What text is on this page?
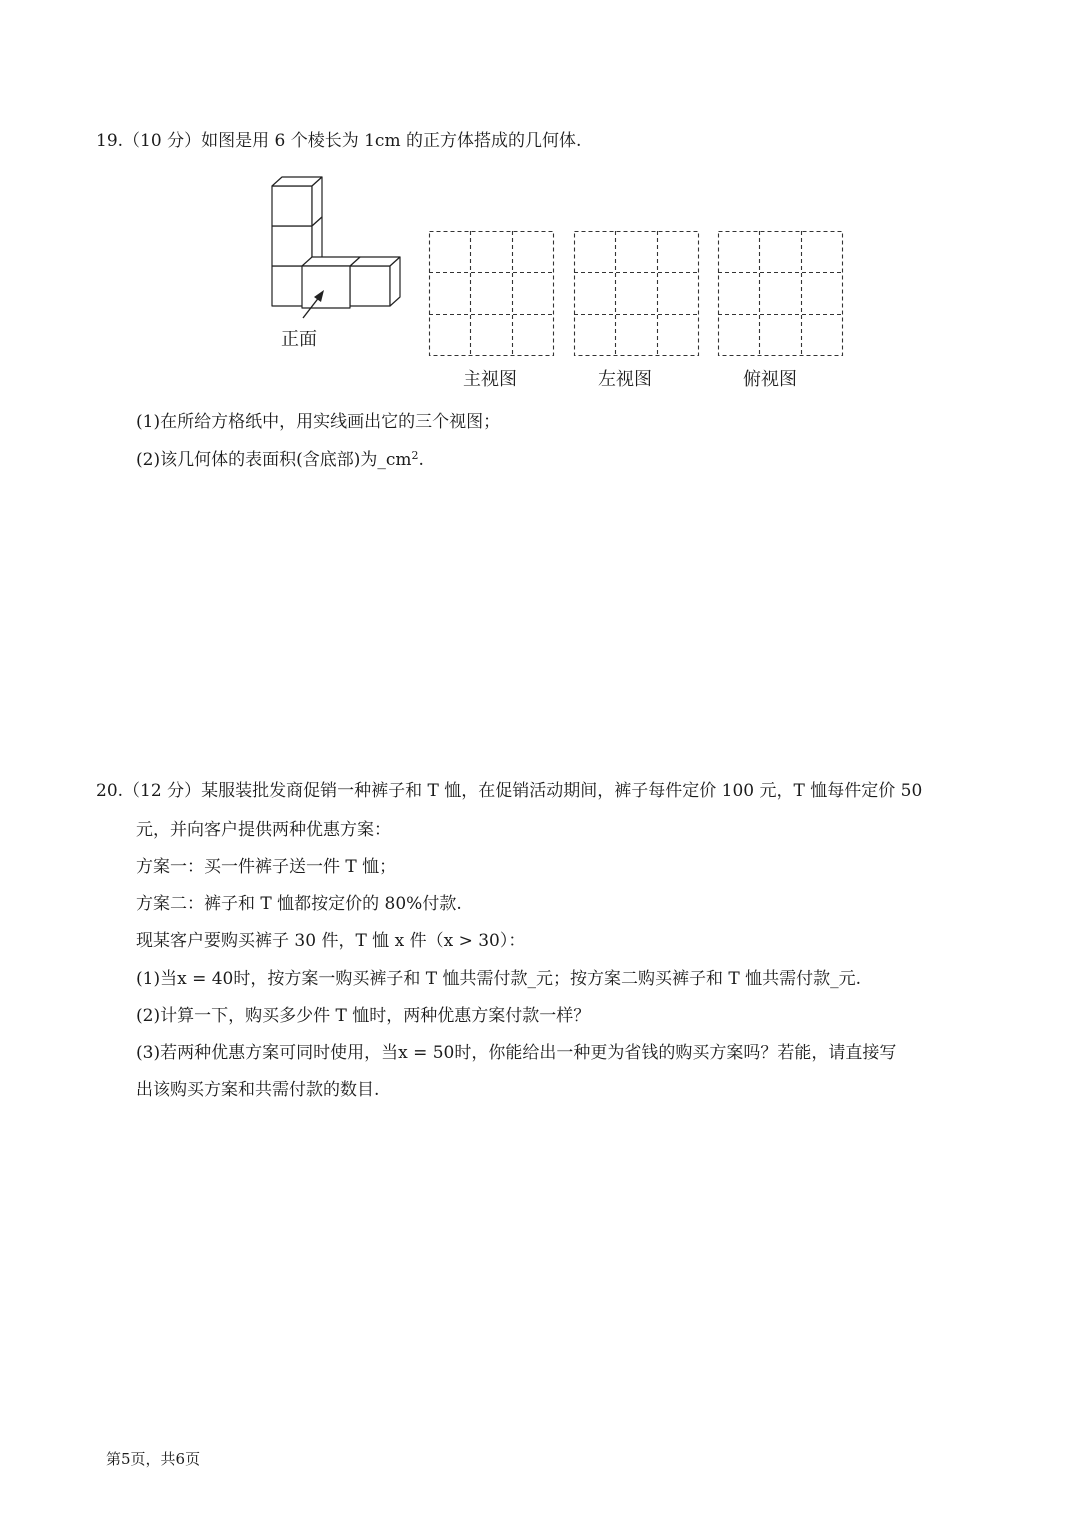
19.（10 分）如图是用 6 个棱长为 1cm 的正方体搭成的几何体.
正面
主视图	左视图	俯视图
(1)在所给方格纸中，用实线画出它的三个视图；
(2)该几何体的表面积(含底部)为$\_cm^2$.
20.（12 分）某服装批发商促销一种裤子和 T 恤，在促销活动期间，裤子每件定价 100 元，T 恤每件定价 50
元，并向客户提供两种优惠方案：
方案一：买一件裤子送一件 T 恤；
方案二：裤子和 T 恤都按定价的 80%付款.
现某客户要购买裤子 30 件，T 恤 x 件（x > 30）：
(1)当x = 40时，按方案一购买裤子和 T 恤共需付款_元；按方案二购买裤子和 T 恤共需付款_元.
(2)计算一下，购买多少件 T 恤时，两种优惠方案付款一样？
(3)若两种优惠方案可同时使用，当x = 50时，你能给出一种更为省钱的购买方案吗？若能，请直接写
出该购买方案和共需付款的数目.
第5页，共6页
